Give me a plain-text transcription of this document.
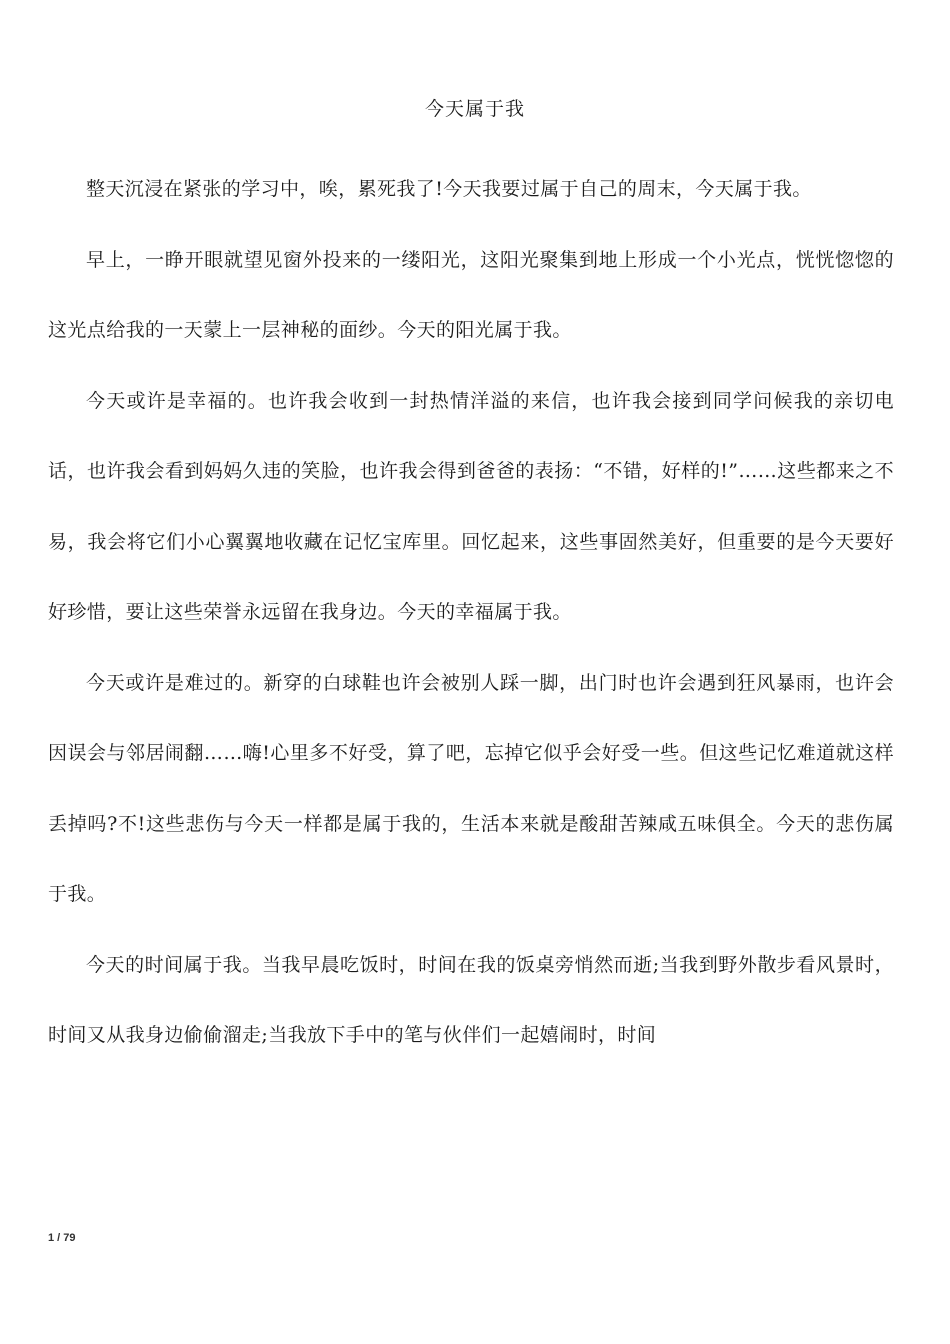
今天属于我

整天沉浸在紧张的学习中，唉，累死我了!今天我要过属于自己的周末，今天属于我。

早上，一睁开眼就望见窗外投来的一缕阳光，这阳光聚集到地上形成一个小光点，恍恍惚惚的这光点给我的一天蒙上一层神秘的面纱。今天的阳光属于我。

今天或许是幸福的。也许我会收到一封热情洋溢的来信，也许我会接到同学问候我的亲切电话，也许我会看到妈妈久违的笑脸，也许我会得到爸爸的表扬：“不错，好样的!”……这些都来之不易，我会将它们小心翼翼地收藏在记忆宝库里。回忆起来，这些事固然美好，但重要的是今天要好好珍惜，要让这些荣誉永远留在我身边。今天的幸福属于我。

今天或许是难过的。新穿的白球鞋也许会被别人踩一脚，出门时也许会遇到狂风暴雨，也许会因误会与邻居闹翻……嗨!心里多不好受，算了吧，忘掉它似乎会好受一些。但这些记忆难道就这样丢掉吗?不!这些悲伤与今天一样都是属于我的，生活本来就是酸甜苦辣咸五味俱全。今天的悲伤属于我。

今天的时间属于我。当我早晨吃饭时，时间在我的饭桌旁悄然而逝;当我到野外散步看风景时，时间又从我身边偷偷溜走;当我放下手中的笔与伙伴们一起嬉闹时，时间

1 / 79
